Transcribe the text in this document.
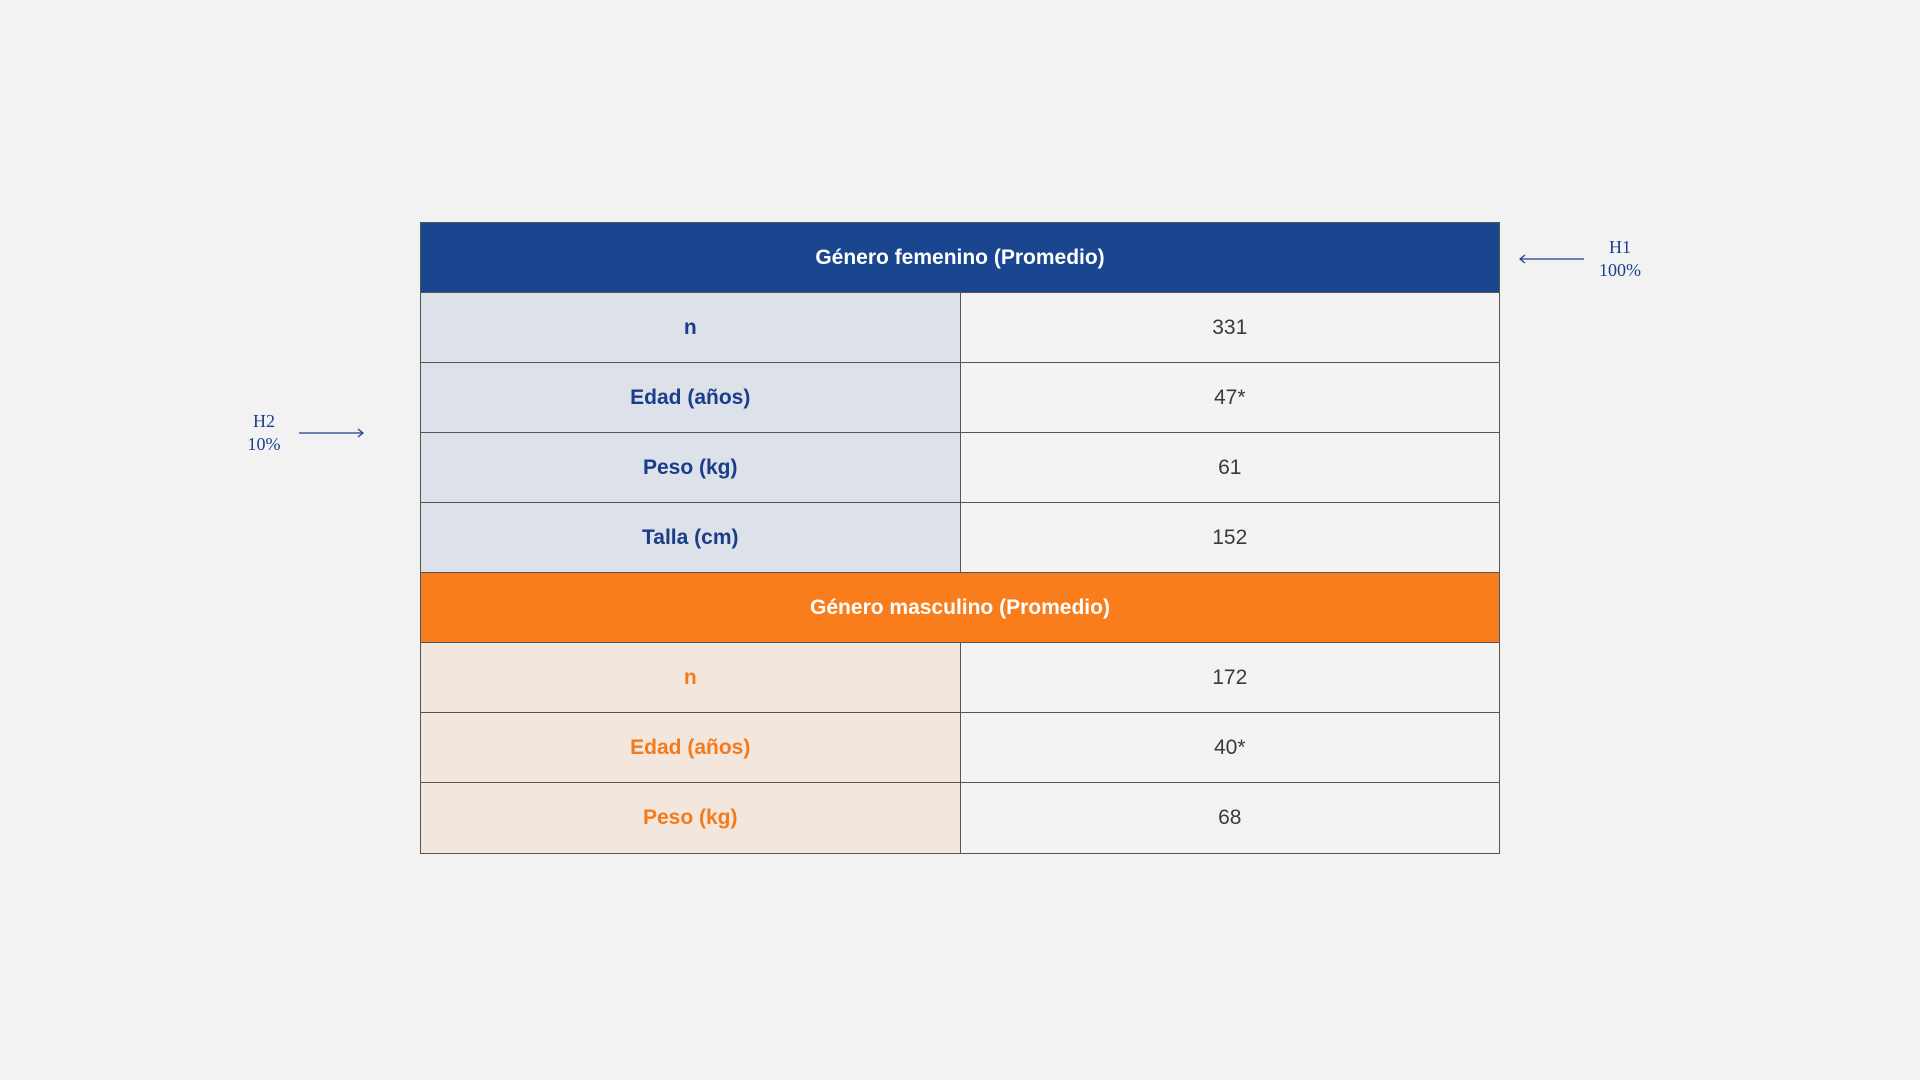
Género femenino (Promedio)
n	331
Edad (años)	47*
Peso (kg)	61
Talla (cm)	152
Género masculino (Promedio)
n	172
Edad (años)	40*
Peso (kg)	68
H1
100%
H2
10%
